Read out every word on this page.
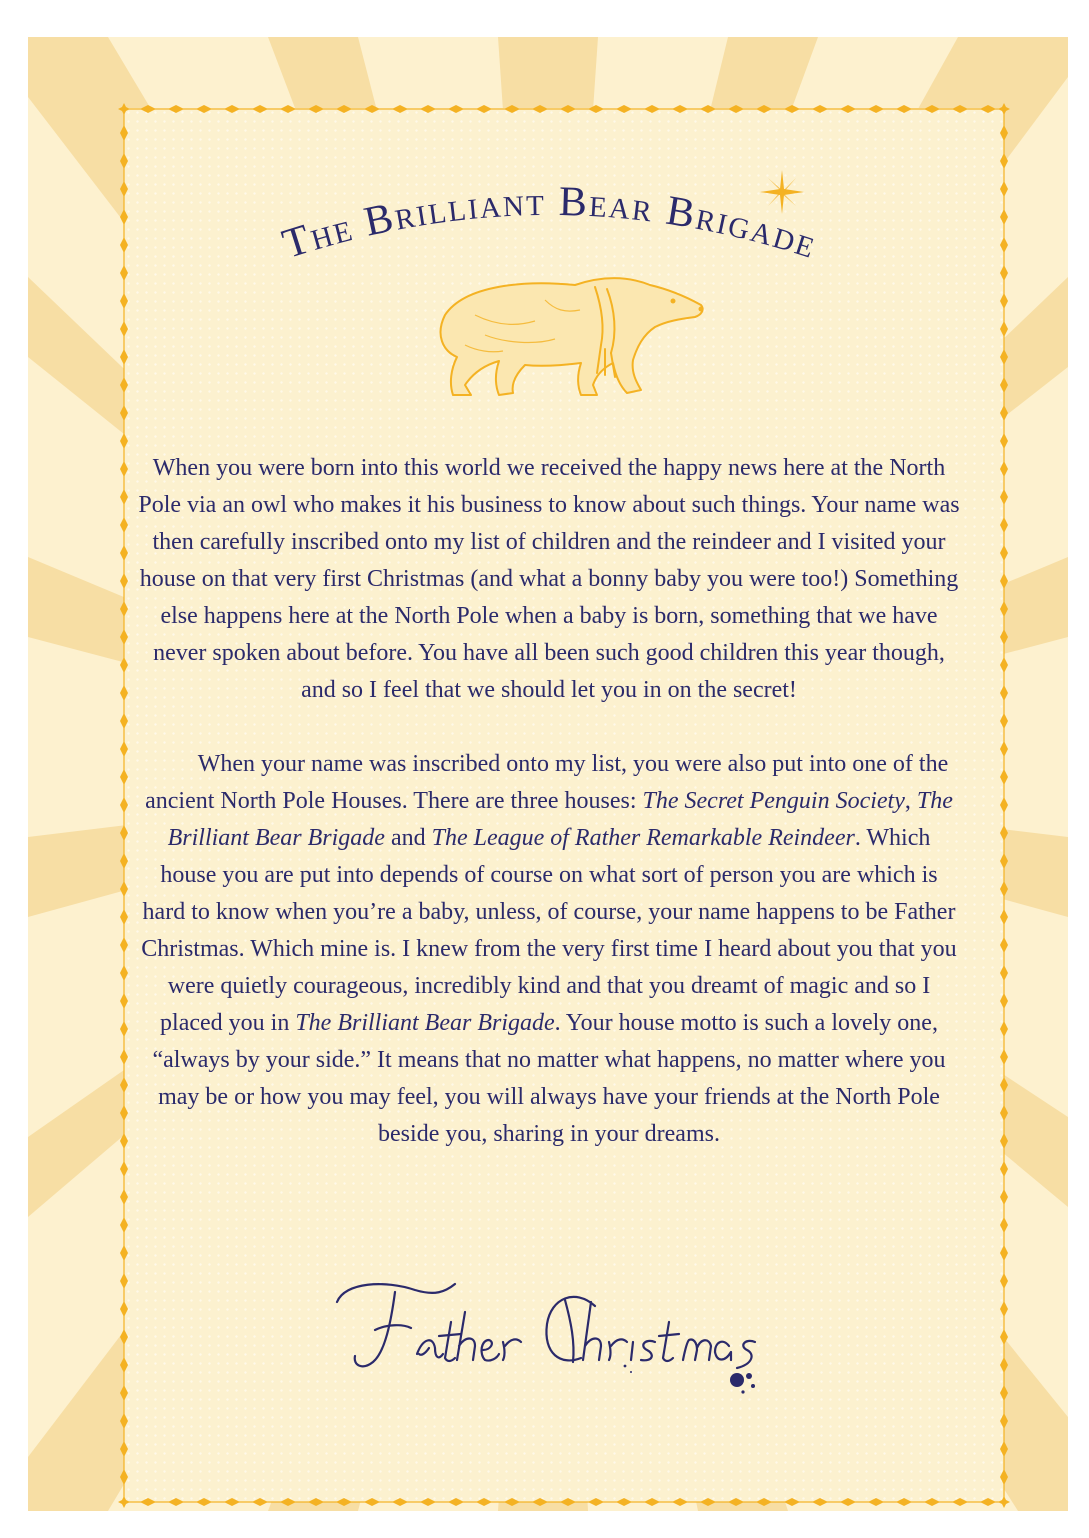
The Brilliant Bear Brigade

When you were born into this world we received the happy news here at the North Pole via an owl who makes it his business to know about such things. Your name was then carefully inscribed onto my list of children and the reindeer and I visited your house on that very first Christmas (and what a bonny baby you were too!) Something else happens here at the North Pole when a baby is born, something that we have never spoken about before. You have all been such good children this year though, and so I feel that we should let you in on the secret!

When your name was inscribed onto my list, you were also put into one of the ancient North Pole Houses. There are three houses: The Secret Penguin Society, The Brilliant Bear Brigade and The League of Rather Remarkable Reindeer. Which house you are put into depends of course on what sort of person you are which is hard to know when you’re a baby, unless, of course, your name happens to be Father Christmas. Which mine is. I knew from the very first time I heard about you that you were quietly courageous, incredibly kind and that you dreamt of magic and so I placed you in The Brilliant Bear Brigade. Your house motto is such a lovely one, “always by your side.” It means that no matter what happens, no matter where you may be or how you may feel, you will always have your friends at the North Pole beside you, sharing in your dreams.

Father Christmas
